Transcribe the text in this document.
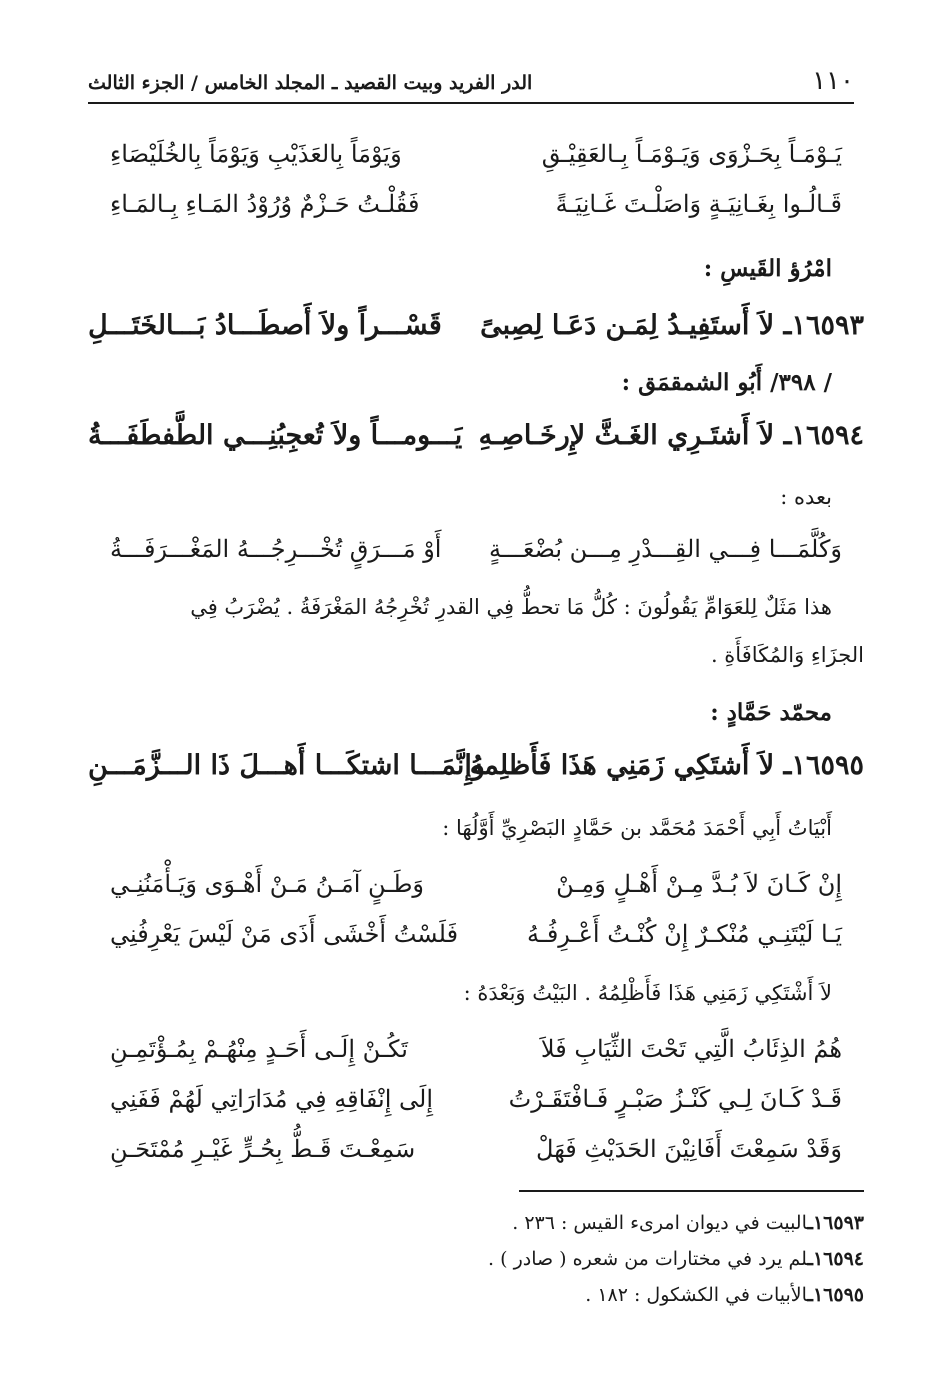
١١٠
الدر الفريد وبيت القصيد ـ المجلد الخامس / الجزء الثالث
يَـوْمَـاً بِحَـزْوَى وَيَـوْمَـاً بِـالعَقِيْـقِ
وَيَوْمَاً بِالعَذَيْبِ وَيَوْمَاً بِالخُلَيْصَاءِ
قَـالُـوا بِغَـانِيَـةٍ وَاصَلْـتَ غَـانِيَـةً
فَقُلْـتُ حَـزْمٌ وُرُوْدُ المَـاءِ بِـالمَـاءِ
امْرُؤ القَيسِ :
١٦٥٩٣ـ لاَ أَستَفِيـدُ لِمَـن دَعَـا لِصِبىً
قَسْـــراً ولاَ أَصطَـــادُ بَـــالخَتَـــلِ
/ ٣٩٨/ أَبُو الشمقمَق :
١٦٥٩٤ـ لاَ أَشتَـرِي الغَـثَّ لإِرخَـاصِـهِ
يَـــومـــاً ولاَ تُعجِبُنِـــي الطَّفطَفَـــةُ
بعده :
وَكُلَّمَـــا فِـــي القِـــدْرِ مِـــن بُضْعَـــةٍ
أَوْ مَـــرَقٍ تُخْـــرِجُـــهُ المَغْـــرَفَـــةُ
هذا مَثَلٌ لِلعَوَامِّ يَقُولُونَ : كُلُّ مَا تحطُّ فِي القدرِ تُخْرِجُهُ المَغْرَفَةُ . يُضْرَبُ فِي
الجزَاءِ وَالمُكَافَأَةِ .
محمّد حَمَّادٍ :
١٦٥٩٥ـ لاَ أَشتَكِي زَمَنِي هَذَا فَأَظلِمهُ
وإِنَّمَـــا اشتكَـــا أَهـــلَ ذَا الـــزَّمَـــنِ
أَبْيَاتُ أَبِي أَحْمَدَ مُحَمَّد بن حَمَّادٍ البَصْرِيِّ أَوَّلُهَا :
إِنْ كَـانَ لاَ بُـدَّ مِـنْ أَهْـلٍ وَمِـنْ
وَطَـنٍ آمَـنُ مَـنْ أَهْـوَى وَيَـأْمَنُنِـي
يَـا لَيْتَنِـي مُنْكـرٌ إِنْ كُنْـتُ أَعْـرِفُـهُ
فَلَسْتُ أَخْشَى أَذَى مَنْ لَيْسَ يَعْرِفُنِي
لاَ أَشْتَكِي زَمَنِي هَذَا فَأَظْلِمُهُ . البَيْتُ وَبَعْدَهُ :
هُمُ الذِئَابُ الَّتِي تَحْتَ الثِّيَابِ فَلاَ
تَكُـنْ إِلَـى أَحَـدٍ مِنْهُـمْ بِمُـؤْتَمِـنِ
قَـدْ كَـانَ لِـي كَنْـزُ صَبْـرٍ فَـافْتَقَـرْتُ
إِلَى إِنْفَاقِهِ فِي مُدَارَاتِي لَهُمْ فَفَنِي
وَقَدْ سَمِعْتَ أَفَانِيْنَ الحَدَيْثِ فَهَلْ
سَمِعْـتَ قَـطُّ بِحُـرٍّ غَيْـرِ مُمْتَحَـنِ
١٦٥٩٣ـالبيت في ديوان امرىء القيس : ٢٣٦ .
١٦٥٩٤ـلم يرد في مختارات من شعره ( صادر ) .
١٦٥٩٥ـالأبيات في الكشكول : ١٨٢ .
